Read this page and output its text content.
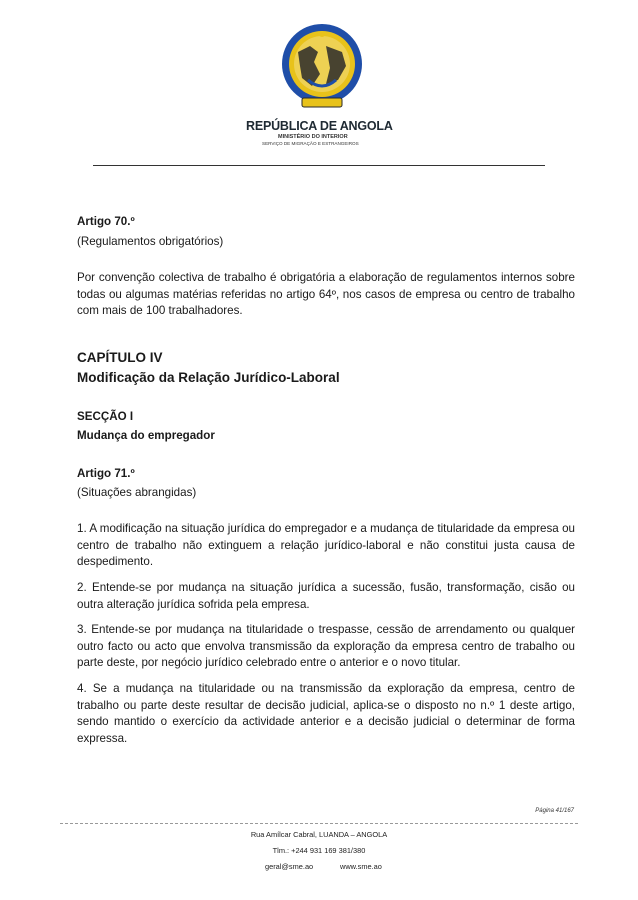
REPÚBLICA DE ANGOLA
MINISTÉRIO DO INTERIOR
SERVIÇO DE MIGRAÇÃO E ESTRANGEIROS
Artigo 70.º
(Regulamentos obrigatórios)
Por convenção colectiva de trabalho é obrigatória a elaboração de regulamentos internos sobre todas ou algumas matérias referidas no artigo 64º, nos casos de empresa ou centro de trabalho com mais de 100 trabalhadores.
CAPÍTULO IV
Modificação da Relação Jurídico-Laboral
SECÇÃO I
Mudança do empregador
Artigo 71.º
(Situações abrangidas)
1. A modificação na situação jurídica do empregador e a mudança de titularidade da empresa ou centro de trabalho não extinguem a relação jurídico-laboral e não constitui justa causa de despedimento.
2. Entende-se por mudança na situação jurídica a sucessão, fusão, transformação, cisão ou outra alteração jurídica sofrida pela empresa.
3. Entende-se por mudança na titularidade o trespasse, cessão de arrendamento ou qualquer outro facto ou acto que envolva transmissão da exploração da empresa centro de trabalho ou parte deste, por negócio jurídico celebrado entre o anterior e o novo titular.
4. Se a mudança na titularidade ou na transmissão da exploração da empresa, centro de trabalho ou parte deste resultar de decisão judicial, aplica-se o disposto no n.º 1 deste artigo, sendo mantido o exercício da actividade anterior e a decisão judicial o determinar de forma expressa.
Página 41/167
Rua Amílcar Cabral, LUANDA – ANGOLA
Tlm.: +244 931 169 381/380
geral@sme.ao	www.sme.ao
